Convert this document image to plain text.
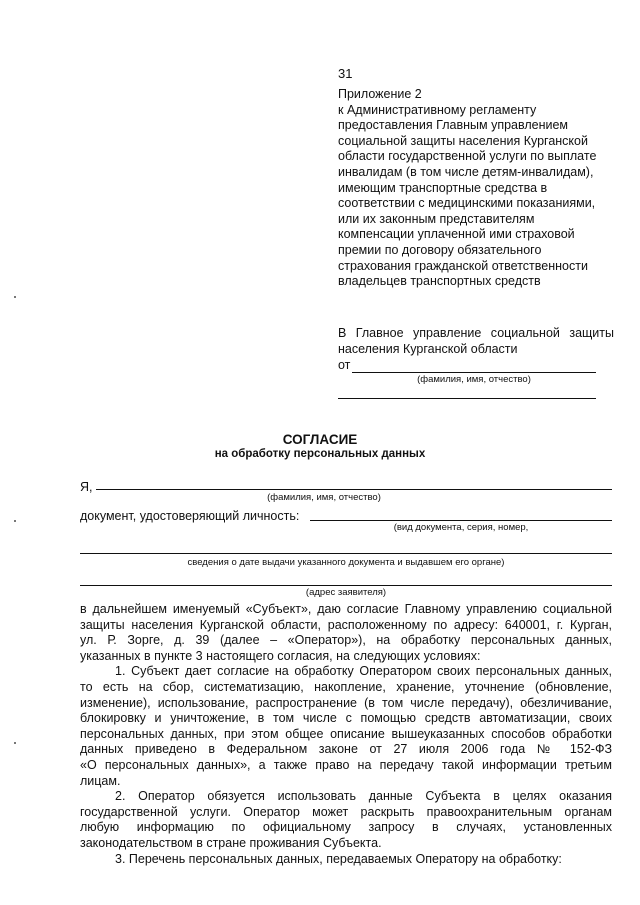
31
Приложение 2
к Административному регламенту
предоставления Главным управлением
социальной защиты населения Курганской
области государственной услуги по выплате
инвалидам (в том числе детям-инвалидам),
имеющим транспортные средства в
соответствии с медицинскими показаниями,
или их законным представителям
компенсации уплаченной ими страховой
премии по договору обязательного
страхования гражданской ответственности
владельцев транспортных средств
В Главное управление социальной защиты
населения Курганской области
от
(фамилия, имя, отчество)
СОГЛАСИЕ
на обработку персональных данных
Я,
(фамилия, имя, отчество)
документ, удостоверяющий личность:
(вид документа, серия, номер,
сведения о дате выдачи указанного документа и выдавшем его органе)
(адрес заявителя)
в дальнейшем именуемый «Субъект», даю согласие Главному управлению социальной
защиты населения Курганской области, расположенному по адресу: 640001, г. Курган,
ул. Р. Зорге, д. 39 (далее – «Оператор»), на обработку персональных данных,
указанных в пункте 3 настоящего согласия, на следующих условиях:
1. Субъект дает согласие на обработку Оператором своих персональных данных,
то есть на сбор, систематизацию, накопление, хранение, уточнение (обновление,
изменение), использование, распространение (в том числе передачу), обезличивание,
блокировку и уничтожение, в том числе с помощью средств автоматизации, своих
персональных данных, при этом общее описание вышеуказанных способов обработки
данных приведено в Федеральном законе от 27 июля 2006 года № 152-ФЗ
«О персональных данных», а также право на передачу такой информации третьим
лицам.
2. Оператор обязуется использовать данные Субъекта в целях оказания
государственной услуги. Оператор может раскрыть правоохранительным органам
любую информацию по официальному запросу в случаях, установленных
законодательством в стране проживания Субъекта.
3. Перечень персональных данных, передаваемых Оператору на обработку:
